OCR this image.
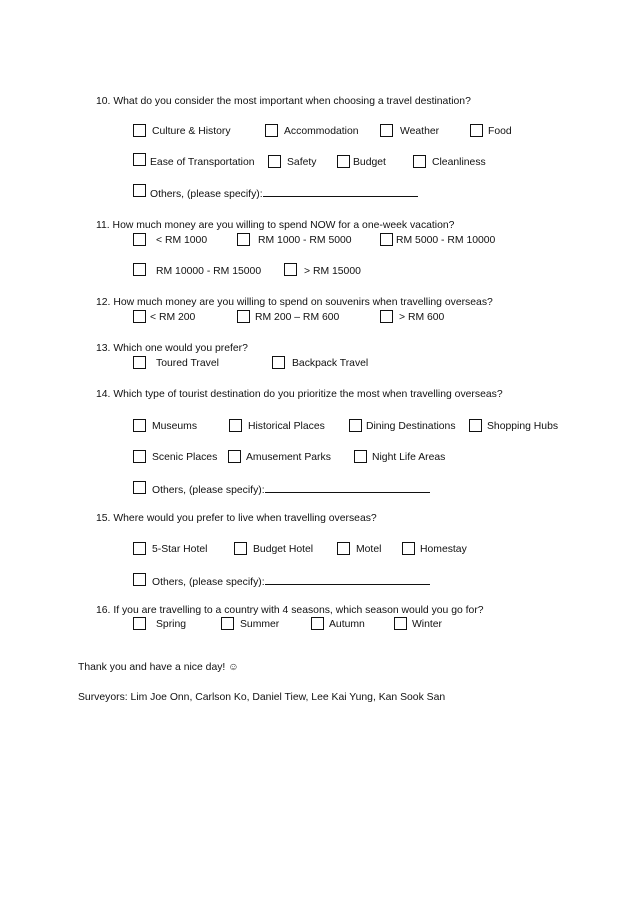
10. What do you consider the most important when choosing a travel destination?
Culture & History	Accommodation	Weather	Food
Ease of Transportation	Safety	Budget	Cleanliness
Others, (please specify):
11. How much money are you willing to spend NOW for a one-week vacation?
< RM 1000	RM 1000 - RM 5000	RM 5000 - RM 10000
RM 10000 - RM 15000	> RM 15000
12. How much money are you willing to spend on souvenirs when travelling overseas?
< RM 200	RM 200 – RM 600	> RM 600
13. Which one would you prefer?
Toured Travel	Backpack Travel
14. Which type of tourist destination do you prioritize the most when travelling overseas?
Museums	Historical Places	Dining Destinations	Shopping Hubs
Scenic Places	Amusement Parks	Night Life Areas
Others, (please specify):
15. Where would you prefer to live when travelling overseas?
5-Star Hotel	Budget Hotel	Motel	Homestay
Others, (please specify):
16. If you are travelling to a country with 4 seasons, which season would you go for?
Spring	Summer	Autumn	Winter
Thank you and have a nice day! ☺
Surveyors: Lim Joe Onn, Carlson Ko, Daniel Tiew, Lee Kai Yung, Kan Sook San
